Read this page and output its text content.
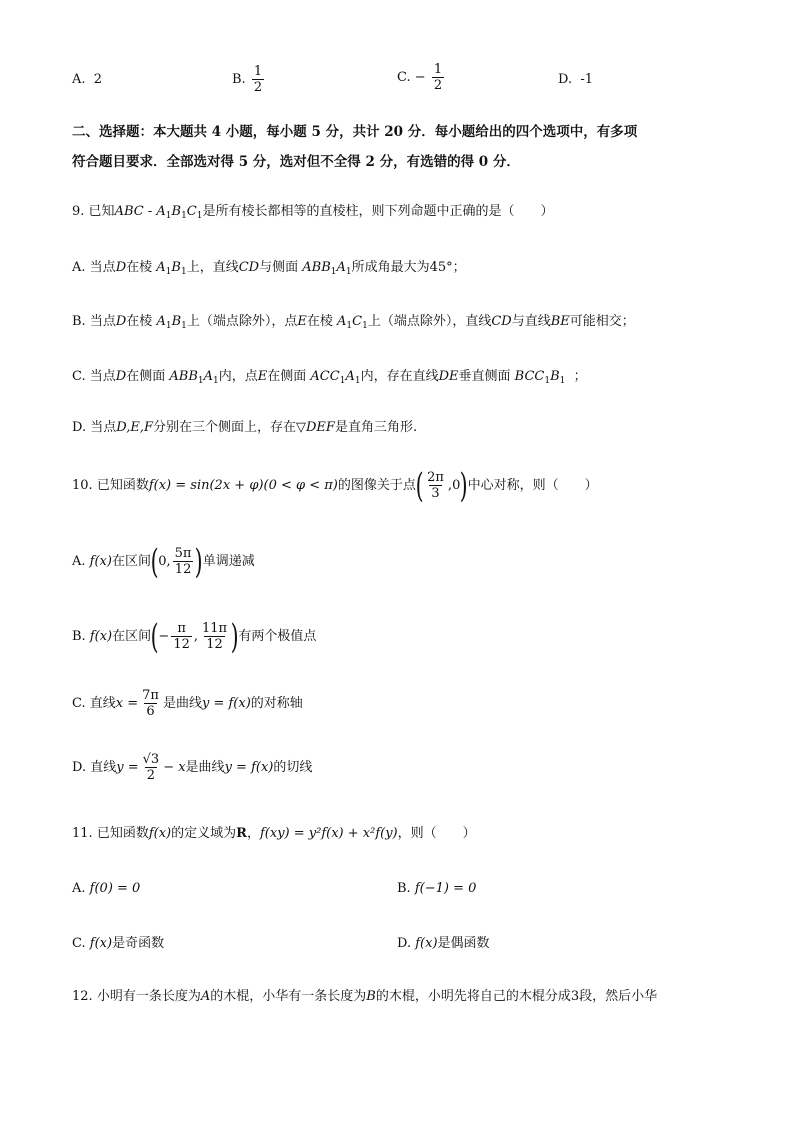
A. 2	B. $\frac{1}{2}$	C. − $\frac{1}{2}$	D. -1
二、选择题：本大题共 4 小题，每小题 5 分，共计 20 分．每小题给出的四个选项中，有多项
符合题目要求．全部选对得 5 分，选对但不全得 2 分，有选错的得 0 分．
9. 已知ABC - $A_1B_1C_1$是所有棱长都相等的直棱柱，则下列命题中正确的是（　　）
A. 当点D在棱 $A_1B_1$上，直线CD与侧面 $ABB_1A_1$所成角最大为45°；
B. 当点D在棱 $A_1B_1$上（端点除外），点E在棱 $A_1C_1$上（端点除外），直线CD与直线BE可能相交；
C. 当点D在侧面 $ABB_1A_1$内，点E在侧面 $ACC_1A_1$内，存在直线DE垂直侧面 $BCC_1B_1$ ；
D. 当点D,E,F分别在三个侧面上，存在▽DEF是直角三角形.
10. 已知函数f(x) = sin(2x + φ)(0 < φ < π)的图像关于点( $\frac{2\pi}{3} ,0$)中心对称，则（　　）
A. f(x)在区间(0, $\frac{5\pi}{12}$ )单调递减
B. f(x)在区间(− $\frac{\pi}{12}$ , $\frac{11\pi}{12}$ )有两个极值点
C. 直线$x = \frac{7\pi}{6}$ 是曲线y = f(x)的对称轴
D. 直线$y = \frac{√3}{2} - x$是曲线y = f(x)的切线
11. 已知函数f(x)的定义域为R，f(xy) = y²f(x) + x²f(y)，则（　　）
A. f(0) = 0	B. f(−1) = 0
C. f(x)是奇函数	D. f(x)是偶函数
12. 小明有一条长度为A的木棍，小华有一条长度为B的木棍，小明先将自己的木棍分成3段，然后小华
